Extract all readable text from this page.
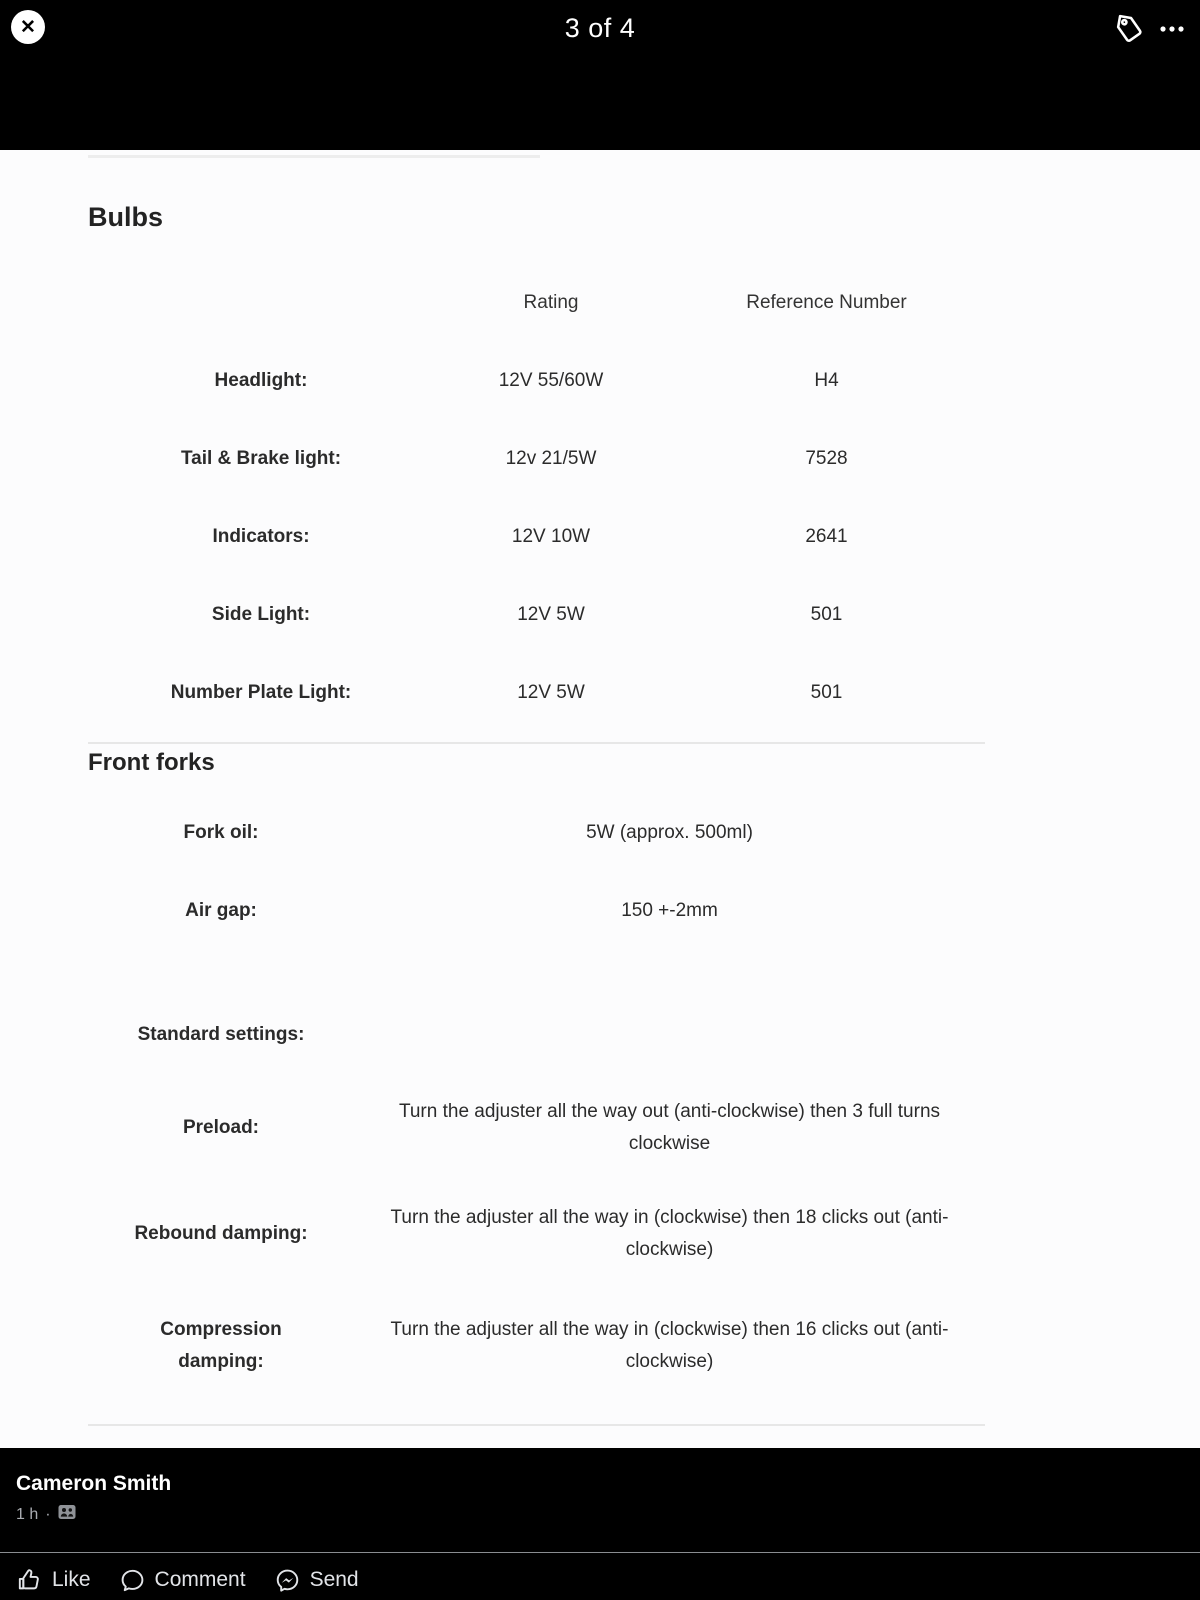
✕	3 of 4
Bulbs
Rating	Reference Number
Headlight:	12V 55/60W	H4
Tail & Brake light:	12v 21/5W	7528
Indicators:	12V 10W	2641
Side Light:	12V 5W	501
Number Plate Light:	12V 5W	501
Front forks
Fork oil:	5W (approx. 500ml)
Air gap:	150 +-2mm
Standard settings:
Preload:
Turn the adjuster all the way out (anti-clockwise) then 3 full turns clockwise
Rebound damping:
Turn the adjuster all the way in (clockwise) then 18 clicks out (anti-clockwise)
Compression damping:
Turn the adjuster all the way in (clockwise) then 16 clicks out (anti-clockwise)
Cameron Smith
1 h ·
Like	Comment	Send
